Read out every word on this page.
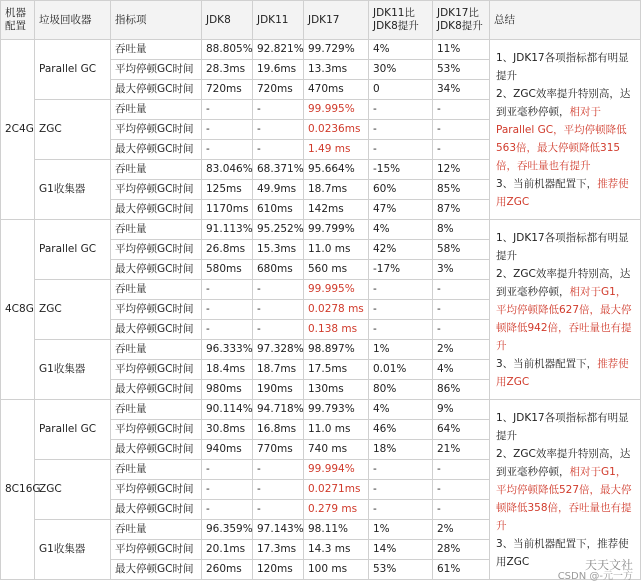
机器配置	垃圾回收器	指标项	JDK8	JDK11	JDK17	JDK11比JDK8提升	JDK17比JDK8提升	总结
2C4G	Parallel GC	吞吐量	88.805%	92.821%	99.729%	4%	11%	1、JDK17各项指标都有明显提升
2、ZGC效率提升特别高，达到亚毫秒停顿，相对于Parallel GC，平均停顿降低563倍，最大停顿降低315倍，吞吐量也有提升
3、当前机器配置下，推荐使用ZGC
		平均停顿GC时间	28.3ms	19.6ms	13.3ms	30%	53%	
		最大停顿GC时间	720ms	720ms	470ms	0	34%	
	ZGC	吞吐量	-	-	99.995%	-	-	
		平均停顿GC时间	-	-	0.0236ms	-	-	
		最大停顿GC时间	-	-	1.49 ms	-	-	
	G1收集器	吞吐量	83.046%	68.371%	95.664%	-15%	12%	
		平均停顿GC时间	125ms	49.9ms	18.7ms	60%	85%	
		最大停顿GC时间	1170ms	610ms	142ms	47%	87%	
4C8G	Parallel GC	吞吐量	91.113%	95.252%	99.799%	4%	8%	1、JDK17各项指标都有明显提升
2、ZGC效率提升特别高，达到亚毫秒停顿，相对于G1，平均停顿降低627倍，最大停顿降低942倍，吞吐量也有提升
3、当前机器配置下，推荐使用ZGC
		平均停顿GC时间	26.8ms	15.3ms	11.0 ms	42%	58%	
		最大停顿GC时间	580ms	680ms	560 ms	-17%	3%	
	ZGC	吞吐量	-	-	99.995%	-	-	
		平均停顿GC时间	-	-	0.0278 ms	-	-	
		最大停顿GC时间	-	-	0.138 ms	-	-	
	G1收集器	吞吐量	96.333%	97.328%	98.897%	1%	2%	
		平均停顿GC时间	18.4ms	18.7ms	17.5ms	0.01%	4%	
		最大停顿GC时间	980ms	190ms	130ms	80%	86%	
8C16G	Parallel GC	吞吐量	90.114%	94.718%	99.793%	4%	9%	1、JDK17各项指标都有明显提升
2、ZGC效率提升特别高，达到亚毫秒停顿，相对于G1，平均停顿降低527倍，最大停顿降低358倍，吞吐量也有提升
3、当前机器配置下，推荐使用ZGC
		平均停顿GC时间	30.8ms	16.8ms	11.0 ms	46%	64%	
		最大停顿GC时间	940ms	770ms	740 ms	18%	21%	
	ZGC	吞吐量	-	-	99.994%	-	-	
		平均停顿GC时间	-	-	0.0271ms	-	-	
		最大停顿GC时间	-	-	0.279 ms	-	-	
	G1收集器	吞吐量	96.359%	97.143%	98.11%	1%	2%	
		平均停顿GC时间	20.1ms	17.3ms	14.3 ms	14%	28%	
		最大停顿GC时间	260ms	120ms	100 ms	53%	61%		天天文社
CSDN @-元一方
